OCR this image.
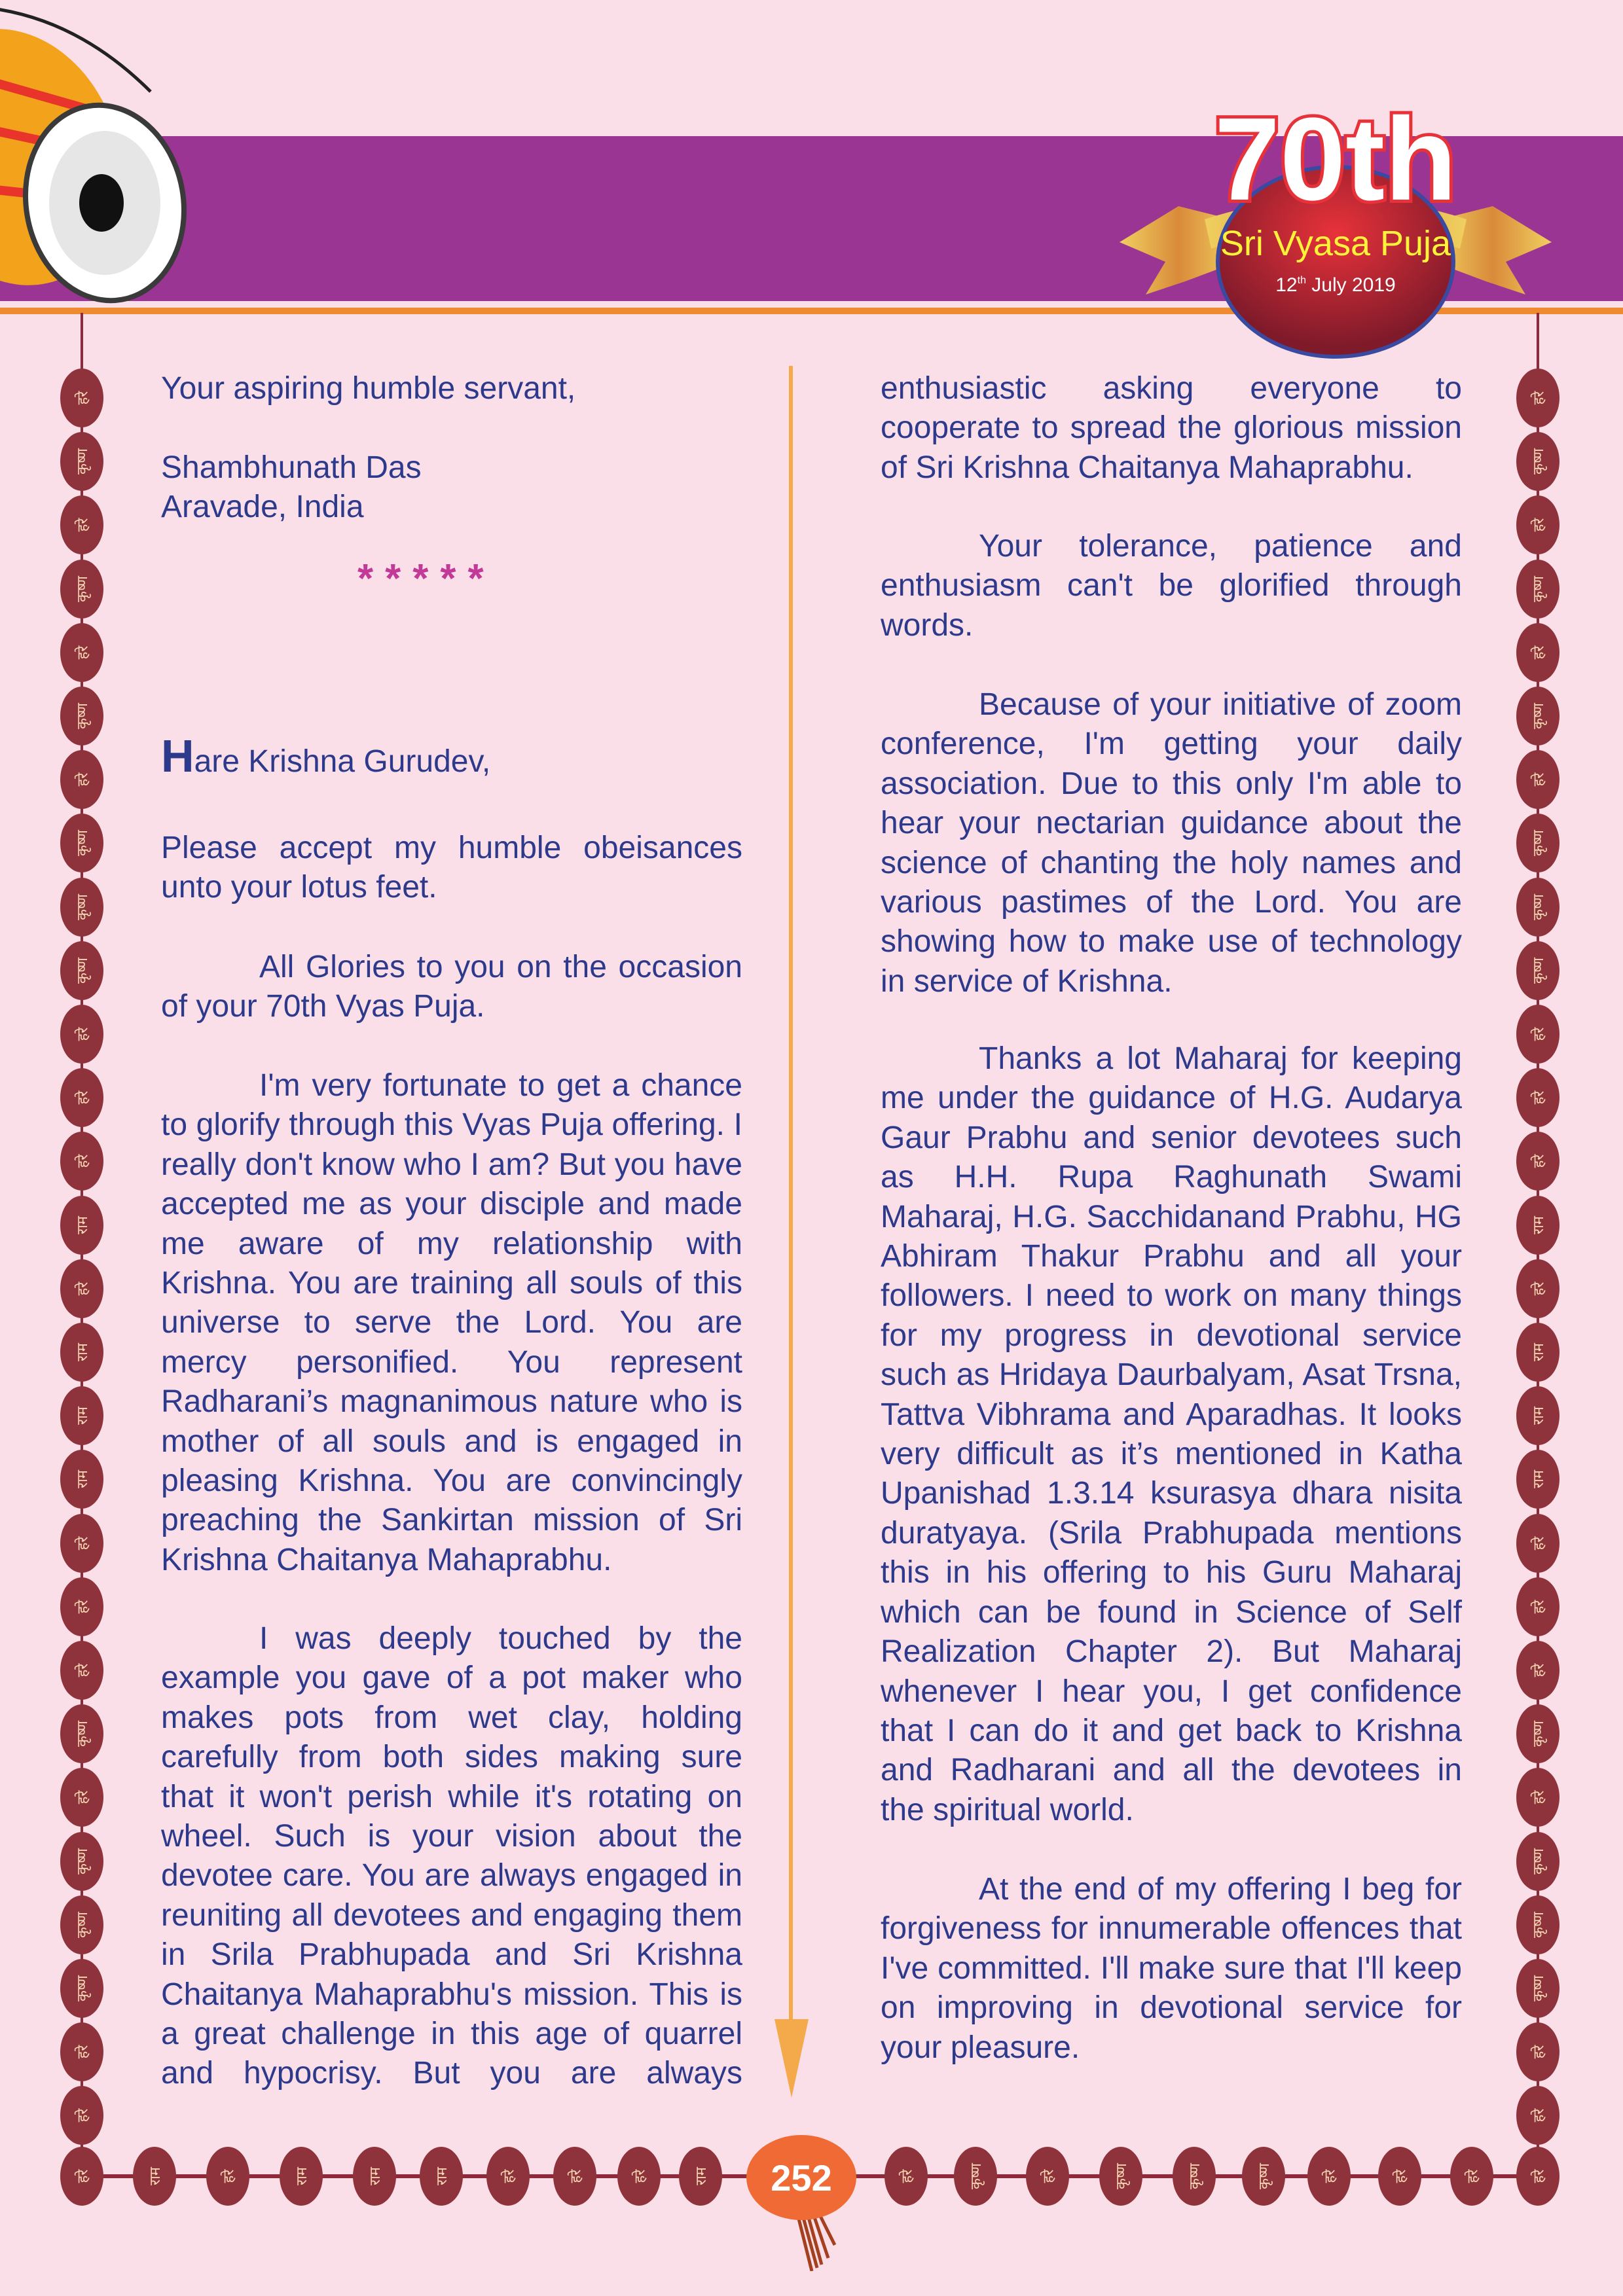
70th
Sri Vyasa Puja
12th July 2019
हरे	हरे
कृष्ण	कृष्ण
हरे	हरे
कृष्ण	कृष्ण
हरे	हरे
कृष्ण	कृष्ण
हरे	हरे
कृष्ण	कृष्ण
कृष्ण	कृष्ण
कृष्ण	कृष्ण
हरे	हरे
हरे	हरे
हरे	हरे
राम	राम
हरे	हरे
राम	राम
राम	राम
राम	राम
हरे	हरे
हरे	हरे
हरे	हरे
कृष्ण	कृष्ण
हरे	हरे
कृष्ण	कृष्ण
कृष्ण	कृष्ण
कृष्ण	कृष्ण
हरे	हरे
हरे	हरे
हरे	राम	हरे	राम	राम	राम	हरे	हरे	हरे	राम	हरे	कृष्ण	हरे	कृष्ण	कृष्ण	कृष्ण	हरे	हरे	हरे	हरे
Your aspiring humble servant,
Shambhunath Das
Aravade, India
*****
Hare Krishna Gurudev,
Please accept my humble obeisances unto your lotus feet.
All Glories to you on the occasion of your 70th Vyas Puja.
I'm very fortunate to get a chance to glorify through this Vyas Puja offering. I really don't know who I am? But you have accepted me as your disciple and made me aware of my relationship with Krishna. You are training all souls of this universe to serve the Lord. You are mercy personified. You represent Radharani’s magnanimous nature who is mother of all souls and is engaged in pleasing Krishna. You are convincingly preaching the Sankirtan mission of Sri Krishna Chaitanya Mahaprabhu.
I was deeply touched by the example you gave of a pot maker who makes pots from wet clay, holding carefully from both sides making sure that it won't perish while it's rotating on wheel. Such is your vision about the devotee care. You are always engaged in reuniting all devotees and engaging them in Srila Prabhupada and Sri Krishna Chaitanya Mahaprabhu's mission. This is a great challenge in this age of quarrel and hypocrisy. But you are always
enthusiastic asking everyone to cooperate to spread the glorious mission of Sri Krishna Chaitanya Mahaprabhu.
Your tolerance, patience and enthusiasm can't be glorified through words.
Because of your initiative of zoom conference, I'm getting your daily association. Due to this only I'm able to hear your nectarian guidance about the science of chanting the holy names and various pastimes of the Lord. You are showing how to make use of technology in service of Krishna.
Thanks a lot Maharaj for keeping me under the guidance of H.G. Audarya Gaur Prabhu and senior devotees such as H.H. Rupa Raghunath Swami Maharaj, H.G. Sacchidanand Prabhu, HG Abhiram Thakur Prabhu and all your followers. I need to work on many things for my progress in devotional service such as Hridaya Daurbalyam, Asat Trsna, Tattva Vibhrama and Aparadhas. It looks very difficult as it’s mentioned in Katha Upanishad 1.3.14 ksurasya dhara nisita duratyaya. (Srila Prabhupada mentions this in his offering to his Guru Maharaj which can be found in Science of Self Realization Chapter 2). But Maharaj whenever I hear you, I get confidence that I can do it and get back to Krishna and Radharani and all the devotees in the spiritual world.
At the end of my offering I beg for forgiveness for innumerable offences that I've committed. I'll make sure that I'll keep on improving in devotional service for your pleasure.
252
